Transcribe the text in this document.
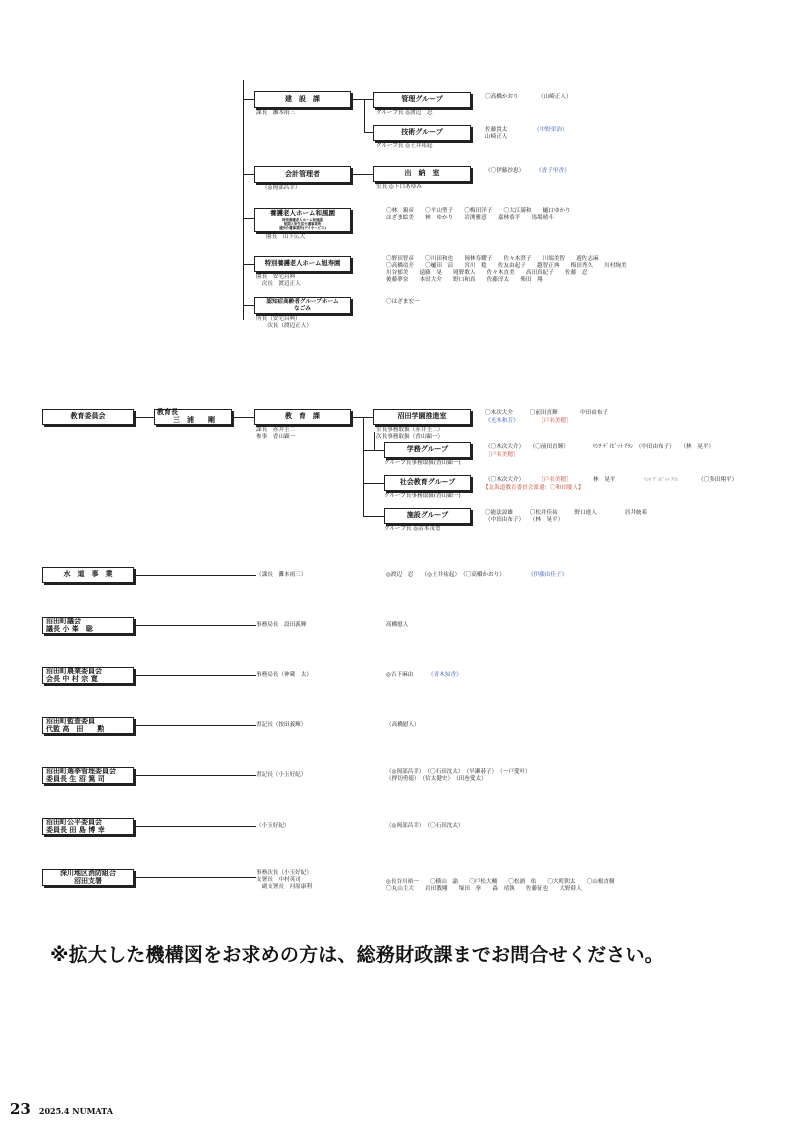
建　設　課
課長　灘本雨三
管理グループ
グループ長 ◎渡辺　忍
〇高橋かおり	（山崎正人）
技術グループ
グループ長 ◎土井祐起
佐藤貴太
山崎正人
（中野栄治）
会計管理者
（◎岡部昌幸）
出　納　室
室長 ◎下口あゆみ
（〇伊藤沙恵） 《香子里香》
養護老人ホーム和風園
特別養護老人ホーム和風園
短期入所生活介護事業所
通所介護事業所(デイサービス)
園長　山下広大
〇林　親彦　　〇平山聖子　　〇梅田洋子　　〇大江満和　　樋口ゆかり
はざま絵美　　林　ゆかり　　岩渕雅意　　嘉林恭平　　馬場晴斗
特別養護老人ホーム旭寿園
園長　安宅昌典
　次長　渡辺正人
〇野田智彦　　〇川田和也　　岡林寿耀子　　佐々木澄子　　川端美智　　遊佐志麻
〇高橋竜介　　〇樋田　涼　　宮川　稔　　佐友由起子　　越智正典　　梅田秀久　　川村絢美
川谷郁美　　遠藤　晃　　岡野歌人　　佐々木直美　　高田真紀子　　佐藤　忍
後藤夢奈　　本田大介　　野口和真　　佐藤淳太　　柴田　翔
認知症高齢者グループホーム
なごみ
所長（安宅昌典）
　　次長（渡辺正人）
〇はざま宏一
教育委員会	教育長
三　浦　　剛	教　育　課
課長　赤井圭二
参事　香山顕一
沼田学園推進室
室長事務取扱（赤井圭二）
次長事務取扱（香山顕一）
〇木次大介　　　〇前田直輝　　　　中田由布子
《光木和芳》	［戸名美穂］
学務グループ
グループ長事務取扱(香山顕一)
（〇木次大介）　　（〇前田直輝）	ﾘﾝﾁ ﾃﾞｲﾋﾞｯﾄ ｱﾗﾝ　（中田由布子）　　（林　晃平）
［戸名美穂］
社会教育グループ
グループ長事務取扱(香山顕一)
（〇木次大介） ［戸名美穂］	林　晃平	ﾘﾝﾁ ﾃﾞｲﾋﾞｯﾄ ｱﾗﾝ	（〇多田翔平）
【北海道教育委員会派遣：〇和田慶人】
施設グループ
グループ長 ◎沼本茂豊
〇能法諒雄　　　〇松井佳祐　　　野口進人　　　　　居井統希
（中田由布子）　　（林　晃平）
水　道　事　業	（課長　灘本雨三）	◎渡辺　忍　　（◎土井祐起）　（〇高橋かおり）	《伊藤由佳子》
沼田町議会
議長 小 峯　聡	事務局長　設田義輝	高橋慰人
沼田町農業委員会
会長 中 村 宗 寛	事務局長（神蔵　太）	◎吉下麻由	《青木知香》
沼田町監査委員
代監 高　田　　勲	書記長（按田義輝）	（高橋慰人）
沼田町選挙管理委員会
委員長 生 沼 篤 司	書記長（小玉好紀）	（◎岡部昌幸）　（〇石田沈太）　（早瀬碁子）　（一戸愛叶）
（押切勇徳）　（信太健史）　（田巻愛太）
沼田町公平委員会
委員長 田 島 博 幸	（小玉好紀）	（◎岡部昌幸）　（〇石田沈太）
深川地区消防組合
沼田支署
事務次長（小玉好紀）
支署長　中村英司
　副支署長　河原康利
◎長谷川裕一　　〇横山　諭　　〇戸松大輔　　〇松浦　佑　　〇大町朝太　　〇山根直樹
〇丸山主大　　岩田教剛　　塚田　拳　　森　靖執　　佐藤征也　　大野蒔人
※拡大した機構図をお求めの方は、総務財政課までお問合せください。
23 2025.4 NUMATA
